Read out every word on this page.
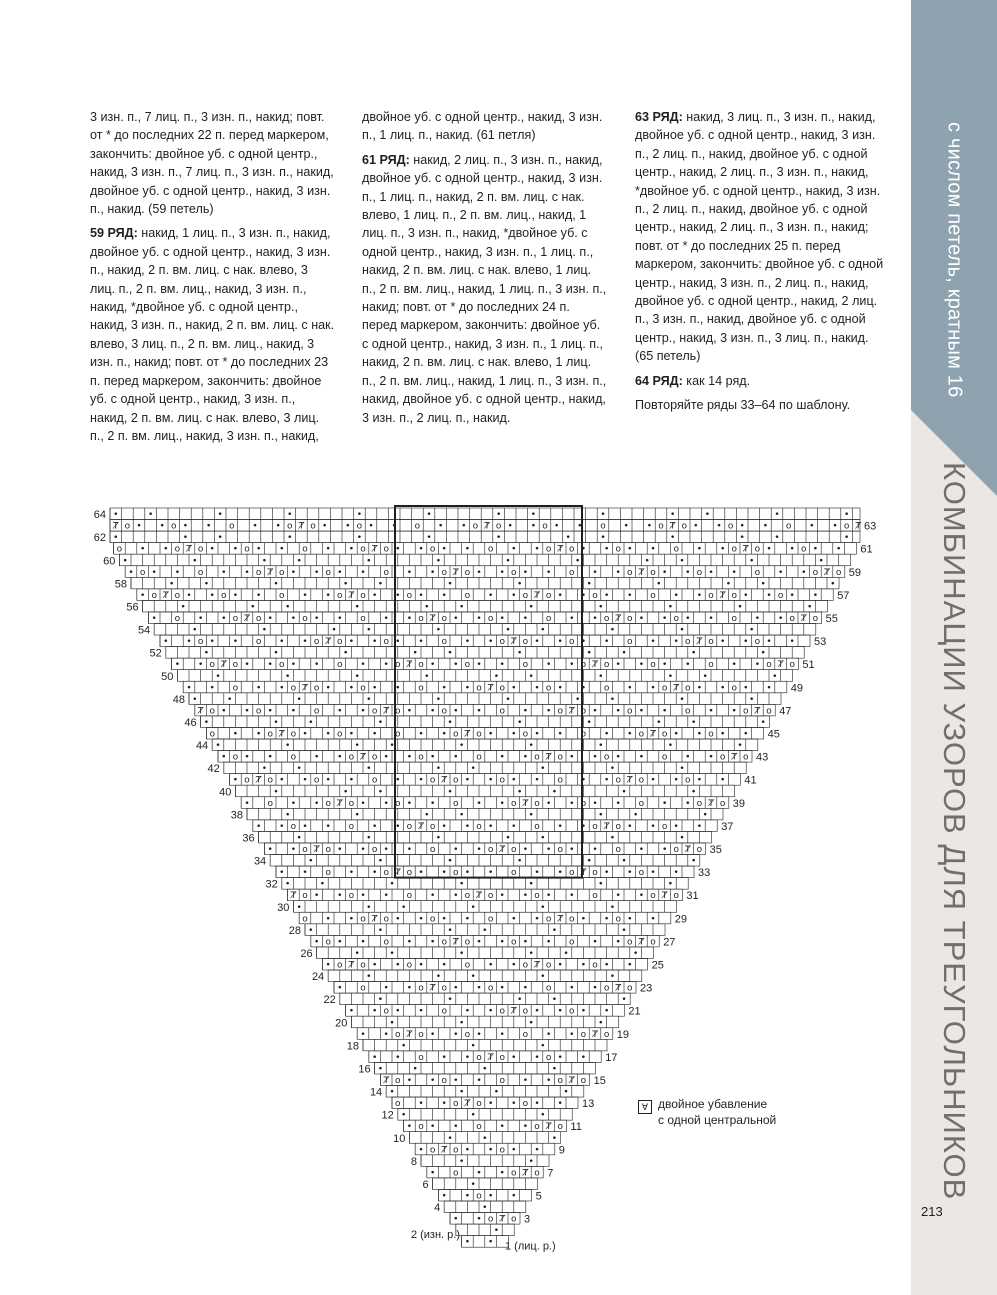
3 изн. п., 7 лиц. п., 3 изн. п., накид; повт. от * до последних 22 п. перед маркером, закончить: двойное уб. с одной центр., накид, 3 изн. п., 7 лиц. п., 3 изн. п., накид, двойное уб. с одной центр., накид, 3 изн. п., накид. (59 петель)

59 РЯД: накид, 1 лиц. п., 3 изн. п., накид, двойное уб. с одной центр., накид, 3 изн. п., накид, 2 п. вм. лиц. с нак. влево, 3 лиц. п., 2 п. вм. лиц., накид, 3 изн. п., накид, *двойное уб. с одной центр., накид, 3 изн. п., накид, 2 п. вм. лиц. с нак. влево, 3 лиц. п., 2 п. вм. лиц., накид, 3 изн. п., накид; повт. от * до последних 23 п. перед маркером, закончить: двойное уб. с одной центр., накид, 3 изн. п., накид, 2 п. вм. лиц. с нак. влево, 3 лиц. п., 2 п. вм. лиц., накид, 3 изн. п., накид,

двойное уб. с одной центр., накид, 3 изн. п., 1 лиц. п., накид. (61 петля)

61 РЯД: накид, 2 лиц. п., 3 изн. п., накид, двойное уб. с одной центр., накид, 3 изн. п., 1 лиц. п., накид, 2 п. вм. лиц. с нак. влево, 1 лиц. п., 2 п. вм. лиц., накид, 1 лиц. п., 3 изн. п., накид, *двойное уб. с одной центр., накид, 3 изн. п., 1 лиц. п., накид, 2 п. вм. лиц. с нак. влево, 1 лиц. п., 2 п. вм. лиц., накид, 1 лиц. п., 3 изн. п., накид; повт. от * до последних 24 п. перед маркером, закончить: двойное уб. с одной центр., накид, 3 изн. п., 1 лиц. п., накид, 2 п. вм. лиц. с нак. влево, 1 лиц. п., 2 п. вм. лиц., накид, 1 лиц. п., 3 изн. п., накид, двойное уб. с одной центр., накид, 3 изн. п., 2 лиц. п., накид.

63 РЯД: накид, 3 лиц. п., 3 изн. п., накид, двойное уб. с одной центр., накид, 3 изн. п., 2 лиц. п., накид, двойное уб. с одной центр., накид, 2 лиц. п., 3 изн. п., накид, *двойное уб. с одной центр., накид, 3 изн. п., 2 лиц. п., накид, двойное уб. с одной центр., накид, 2 лиц. п., 3 изн. п., накид; повт. от * до последних 25 п. перед маркером, закончить: двойное уб. с одной центр., накид, 3 изн. п., 2 лиц. п., накид, двойное уб. с одной центр., накид, 2 лиц. п., 3 изн. п., накид, двойное уб. с одной центр., накид, 3 изн. п., 3 лиц. п., накид. (65 петель)

64 РЯД: как 14 ряд.

Повторяйте ряды 33–64 по шаблону.

с числом петель, кратным 16
КОМБИНАЦИИ УЗОРОВ ДЛЯ ТРЕУГОЛЬНИКОВ
• •
•
• • o Ⱦ o
•
• • o • •
•
• o • • o Ⱦ o
•	•
• o Ⱦ o • • o • •
•	•	•
• o • • o • • o Ⱦ o
•	•	•
o • • o Ⱦ o • • o • •
•	•	•	•
Ⱦ o • • o • • o • • o Ⱦ o
•	•	•	•
• • o • • o Ⱦ o • • o • •
•	•	•
• • o Ⱦ o • • o • • o • • o Ⱦ o
•	•	•	•
• • o • • o • • o Ⱦ o • • o • •
•	•	•	•	•
• o • • o Ⱦ o • • o • • o • • o Ⱦ o
•	•	•	•	•
• o Ⱦ o • • o • • o • • o Ⱦ o • • o • •
•	•	•	•	•	•
• o • • o • • o Ⱦ o • • o • • o • • o Ⱦ o
•	•	•	•	•	•
o • • o Ⱦ o • • o • • o • • o Ⱦ o • • o • •
•	•	•	•	•	•
Ⱦ o • • o • • o • • o Ⱦ o • • o • • o • • o Ⱦ o
•	•	•	•	•	•	•
• • o • • o Ⱦ o • • o • • o • • o Ⱦ o • • o • •
•	•	•	•	•	•	•
• • o Ⱦ o • • o • • o • • o Ⱦ o • • o • • o • • o Ⱦ o
•	•	•	•	•	•	•
• • o • • o • • o Ⱦ o • • o • • o • • o Ⱦ o • • o • •
•	•	•	•	•	•	•	•
• o • • o Ⱦ o • • o • • o • • o Ⱦ o • • o • • o • • o Ⱦ o
•	•	•	•	•	•	•	•
• o Ⱦ o • • o • • o • • o Ⱦ o • • o • • o • • o Ⱦ o • • o • •
•	•	•	•	•	•	•	•
• o • • o • • o Ⱦ o • • o • • o • • o Ⱦ o • • o • • o • • o Ⱦ o
•	•	•	•	•	•	•	•	•
o • • o Ⱦ o • • o • • o • • o Ⱦ o • • o • • o • • o Ⱦ o • • o • •
•	•	•	•	•	•	•	•	•	•
Ⱦ o • • o • • o • • o Ⱦ o • • o • • o • • o Ⱦ o • • o • • o • • o Ⱦ o
•	•	•	•	•	•	•	•	•	•
• • o • • o Ⱦ o • • o • • o • • o Ⱦ o • • o • • o • • o Ⱦ o • • o • •
•	•	•	•	•	•	•	•	•	•
• • o Ⱦ o • • o • • o • • o Ⱦ o • • o • • o • • o Ⱦ o • • o • • o • • o Ⱦ o
•	•	•	•	•	•	•	•	•	•
• • o • • o • • o Ⱦ o • • o • • o • • o Ⱦ o • • o • • o • • o Ⱦ o • • o • •
•	•	•	•	•	•	•	•	•	•
• o • • o Ⱦ o • • o • • o • • o Ⱦ o • • o • • o • • o Ⱦ o • • o • • o • • o Ⱦ o
•	•	•	•	•	•	•	•	•	•	•
• o Ⱦ o • • o • • o • • o Ⱦ o • • o • • o • • o Ⱦ o • • o • • o • • o Ⱦ o • • o • •
•	•	•	•	•	•	•	•	•	•	•	•
• o • • o • • o Ⱦ o • • o • • o • • o Ⱦ o • • o • • o • • o Ⱦ o • • o • • o • • o Ⱦ o
•	•	•	•	•	•	•	•	•	•	•	•
o • • o Ⱦ o • • o • • o • • o Ⱦ o • • o • • o • • o Ⱦ o • • o • • o • • o Ⱦ o • • o • •
•	•	•	•	•	•	•	•	•	•	•	•	•
Ⱦ o • • o • • o • • o Ⱦ o • • o • • o • • o Ⱦ o • • o • • o • • o Ⱦ o • • o • • o • • o Ⱦ
•	•	•	•	•	•	•	•	•	•	•	•	•
64
62
60
58
56
54
52
50
48
46
44
42
40
38
36
34
32
30
28
26
24
22
20
18
16
14
12
10
8
6
4
63
61
59
57
55
53
51
49
47
45
43
41
39
37
35
33
31
29
27
25
23
21
19
17
15
13
11
9
7
5
3
2 (изн. р.)
1 (лиц. р.)
Ɐ двойное убавление
с одной центральной
213
